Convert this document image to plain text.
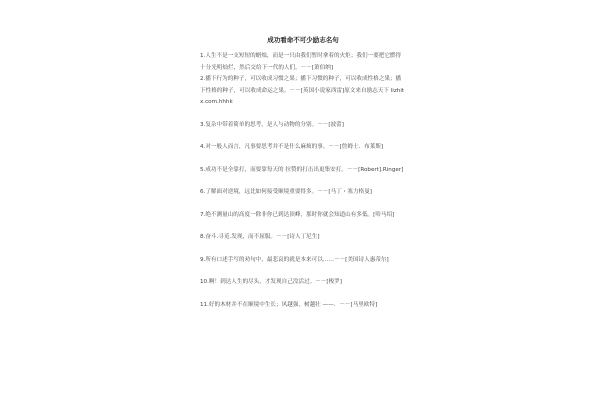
成功看命不可少励志名句

1.人生不是一支短短的蜡烛，而是一只由我们暂时拿着的火炬；我们一要把它燃得十分光明灿烂，然后交给下一代的人们。－－[萧伯纳]

2.播下行为的种子，可以收成习惯之果；播下习惯的种子，可以收成性格之果；播下性格的种子，可以收成命运之果。－－[英国小说家西雷]原文来自励志天下 lizhitx.com.hhhk

3.复杂中带着简单的思考，是人与动物的分别。－－[波蕾]

4.对一般人而言，凡事要思考并不是什么麻烦的事。－－[詹姆士．布莱斯]

5.成功不是全靠打，而要靠每天的 拉赞的打击出更集安打。－－[Robert].Ringer]

6.了解面对逆境，远比如何接受顺境重要得多。－－[马丁・塞力格曼]

7.绝不测量山的高度一除非你已到达顶峰，那时你就会知道山有多低。[哈马绍]

8.奋斗.寻觅.发现，而不屈服。－－[诗人丁尼生]

9.所有口述手写的劝句中，最悲哀的就是本来可以……－－[美国诗人惠蒂尔]

10.啊！到达人生的尽头，才发现自己没活过。－－[梭罗]

11.好的木材并不在顺境中生长；风越强，树越壮 ——．－－[马里欧特]
